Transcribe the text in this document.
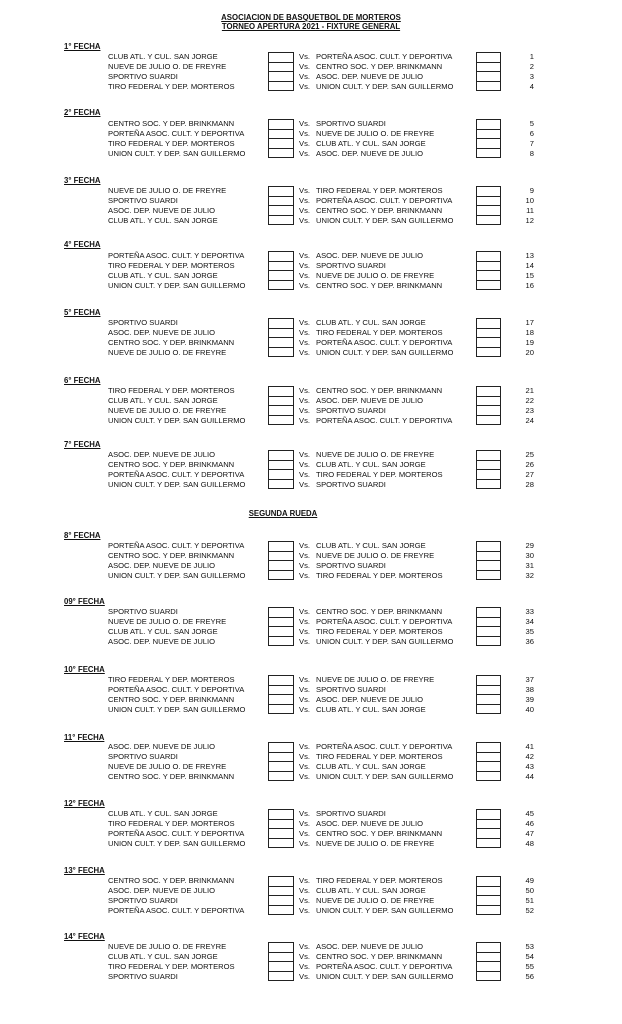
ASOCIACION DE BASQUETBOL DE MORTEROS
TORNEO APERTURA 2021 - FIXTURE GENERAL
SEGUNDA RUEDA
1° FECHA
CLUB ATL. Y CUL. SAN JORGE	Vs. PORTEÑA ASOC. CULT. Y DEPORTIVA	1
NUEVE DE JULIO O. DE FREYRE	Vs. CENTRO SOC. Y DEP. BRINKMANN	2
SPORTIVO SUARDI	Vs. ASOC. DEP. NUEVE DE JULIO	3
TIRO FEDERAL Y DEP. MORTEROS	Vs. UNION CULT. Y DEP. SAN GUILLERMO	4
2° FECHA
CENTRO SOC. Y DEP. BRINKMANN	Vs. SPORTIVO SUARDI	5
PORTEÑA ASOC. CULT. Y DEPORTIVA	Vs. NUEVE DE JULIO O. DE FREYRE	6
TIRO FEDERAL Y DEP. MORTEROS	Vs. CLUB ATL. Y CUL. SAN JORGE	7
UNION CULT. Y DEP. SAN GUILLERMO	Vs. ASOC. DEP. NUEVE DE JULIO	8
3° FECHA
NUEVE DE JULIO O. DE FREYRE	Vs. TIRO FEDERAL Y DEP. MORTEROS	9
SPORTIVO SUARDI	Vs. PORTEÑA ASOC. CULT. Y DEPORTIVA	10
ASOC. DEP. NUEVE DE JULIO	Vs. CENTRO SOC. Y DEP. BRINKMANN	11
CLUB ATL. Y CUL. SAN JORGE	Vs. UNION CULT. Y DEP. SAN GUILLERMO	12
4° FECHA
PORTEÑA ASOC. CULT. Y DEPORTIVA	Vs. ASOC. DEP. NUEVE DE JULIO	13
TIRO FEDERAL Y DEP. MORTEROS	Vs. SPORTIVO SUARDI	14
CLUB ATL. Y CUL. SAN JORGE	Vs. NUEVE DE JULIO O. DE FREYRE	15
UNION CULT. Y DEP. SAN GUILLERMO	Vs. CENTRO SOC. Y DEP. BRINKMANN	16
5° FECHA
SPORTIVO SUARDI	Vs. CLUB ATL. Y CUL. SAN JORGE	17
ASOC. DEP. NUEVE DE JULIO	Vs. TIRO FEDERAL Y DEP. MORTEROS	18
CENTRO SOC. Y DEP. BRINKMANN	Vs. PORTEÑA ASOC. CULT. Y DEPORTIVA	19
NUEVE DE JULIO O. DE FREYRE	Vs. UNION CULT. Y DEP. SAN GUILLERMO	20
6° FECHA
TIRO FEDERAL Y DEP. MORTEROS	Vs. CENTRO SOC. Y DEP. BRINKMANN	21
CLUB ATL. Y CUL. SAN JORGE	Vs. ASOC. DEP. NUEVE DE JULIO	22
NUEVE DE JULIO O. DE FREYRE	Vs. SPORTIVO SUARDI	23
UNION CULT. Y DEP. SAN GUILLERMO	Vs. PORTEÑA ASOC. CULT. Y DEPORTIVA	24
7° FECHA
ASOC. DEP. NUEVE DE JULIO	Vs. NUEVE DE JULIO O. DE FREYRE	25
CENTRO SOC. Y DEP. BRINKMANN	Vs. CLUB ATL. Y CUL. SAN JORGE	26
PORTEÑA ASOC. CULT. Y DEPORTIVA	Vs. TIRO FEDERAL Y DEP. MORTEROS	27
UNION CULT. Y DEP. SAN GUILLERMO	Vs. SPORTIVO SUARDI	28
8° FECHA
PORTEÑA ASOC. CULT. Y DEPORTIVA	Vs. CLUB ATL. Y CUL. SAN JORGE	29
CENTRO SOC. Y DEP. BRINKMANN	Vs. NUEVE DE JULIO O. DE FREYRE	30
ASOC. DEP. NUEVE DE JULIO	Vs. SPORTIVO SUARDI	31
UNION CULT. Y DEP. SAN GUILLERMO	Vs. TIRO FEDERAL Y DEP. MORTEROS	32
09° FECHA
SPORTIVO SUARDI	Vs. CENTRO SOC. Y DEP. BRINKMANN	33
NUEVE DE JULIO O. DE FREYRE	Vs. PORTEÑA ASOC. CULT. Y DEPORTIVA	34
CLUB ATL. Y CUL. SAN JORGE	Vs. TIRO FEDERAL Y DEP. MORTEROS	35
ASOC. DEP. NUEVE DE JULIO	Vs. UNION CULT. Y DEP. SAN GUILLERMO	36
10° FECHA
TIRO FEDERAL Y DEP. MORTEROS	Vs. NUEVE DE JULIO O. DE FREYRE	37
PORTEÑA ASOC. CULT. Y DEPORTIVA	Vs. SPORTIVO SUARDI	38
CENTRO SOC. Y DEP. BRINKMANN	Vs. ASOC. DEP. NUEVE DE JULIO	39
UNION CULT. Y DEP. SAN GUILLERMO	Vs. CLUB ATL. Y CUL. SAN JORGE	40
11° FECHA
ASOC. DEP. NUEVE DE JULIO	Vs. PORTEÑA ASOC. CULT. Y DEPORTIVA	41
SPORTIVO SUARDI	Vs. TIRO FEDERAL Y DEP. MORTEROS	42
NUEVE DE JULIO O. DE FREYRE	Vs. CLUB ATL. Y CUL. SAN JORGE	43
CENTRO SOC. Y DEP. BRINKMANN	Vs. UNION CULT. Y DEP. SAN GUILLERMO	44
12° FECHA
CLUB ATL. Y CUL. SAN JORGE	Vs. SPORTIVO SUARDI	45
TIRO FEDERAL Y DEP. MORTEROS	Vs. ASOC. DEP. NUEVE DE JULIO	46
PORTEÑA ASOC. CULT. Y DEPORTIVA	Vs. CENTRO SOC. Y DEP. BRINKMANN	47
UNION CULT. Y DEP. SAN GUILLERMO	Vs. NUEVE DE JULIO O. DE FREYRE	48
13° FECHA
CENTRO SOC. Y DEP. BRINKMANN	Vs. TIRO FEDERAL Y DEP. MORTEROS	49
ASOC. DEP. NUEVE DE JULIO	Vs. CLUB ATL. Y CUL. SAN JORGE	50
SPORTIVO SUARDI	Vs. NUEVE DE JULIO O. DE FREYRE	51
PORTEÑA ASOC. CULT. Y DEPORTIVA	Vs. UNION CULT. Y DEP. SAN GUILLERMO	52
14° FECHA
NUEVE DE JULIO O. DE FREYRE	Vs. ASOC. DEP. NUEVE DE JULIO	53
CLUB ATL. Y CUL. SAN JORGE	Vs. CENTRO SOC. Y DEP. BRINKMANN	54
TIRO FEDERAL Y DEP. MORTEROS	Vs. PORTEÑA ASOC. CULT. Y DEPORTIVA	55
SPORTIVO SUARDI	Vs. UNION CULT. Y DEP. SAN GUILLERMO	56
